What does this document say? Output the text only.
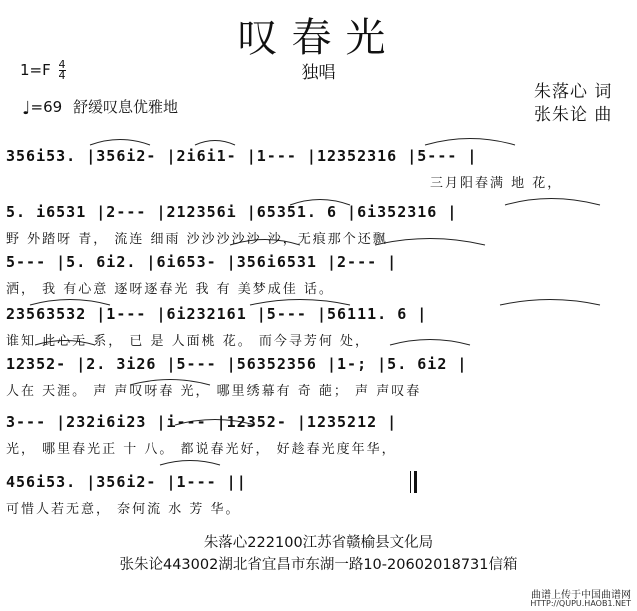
叹春光
独唱
$1=F \frac{4}{4}$
♩=69 舒缓叹息优雅地
朱落心 词
张朱论 曲
356i53. |356i2- |2i6i1- |1--- |12352316 |5--- |
三月阳春满 地 花，
5. i6531 |2--- |212356i |65351. 6 |6i352316 |
野 外踏呀 青， 流连 细雨 沙沙沙沙沙 沙，无痕那个还飘
5--- |5. 6i2. |6i653- |356i6531 |2--- |
洒， 我 有心意 逐呀逐春光 我 有 美梦成佳 话。
23563532 |1--- |6i232161 |5--- |56111. 6 |
谁知 此心无 系， 已 是 人面桃 花。 而今寻芳何 处，
12352- |2. 3i26 |5--- |56352356 |1-; |5. 6i2 |
人在 天涯。 声 声叹呀春 光， 哪里绣幕有 奇 葩； 声 声叹春
3--- |232i6i23 |i--- |12352- |1235212 |
光， 哪里春光正 十 八。 都说春光好， 好趁春光度年华，
456i53. |356i2- |1--- ||
可惜人若无意， 奈何流 水 芳 华。
朱落心222100江苏省赣榆县文化局
张朱论443002湖北省宜昌市东湖一路10-20602018731信箱
曲谱上传于中国曲谱网
HTTP://QUPU.HAOB1.NET
